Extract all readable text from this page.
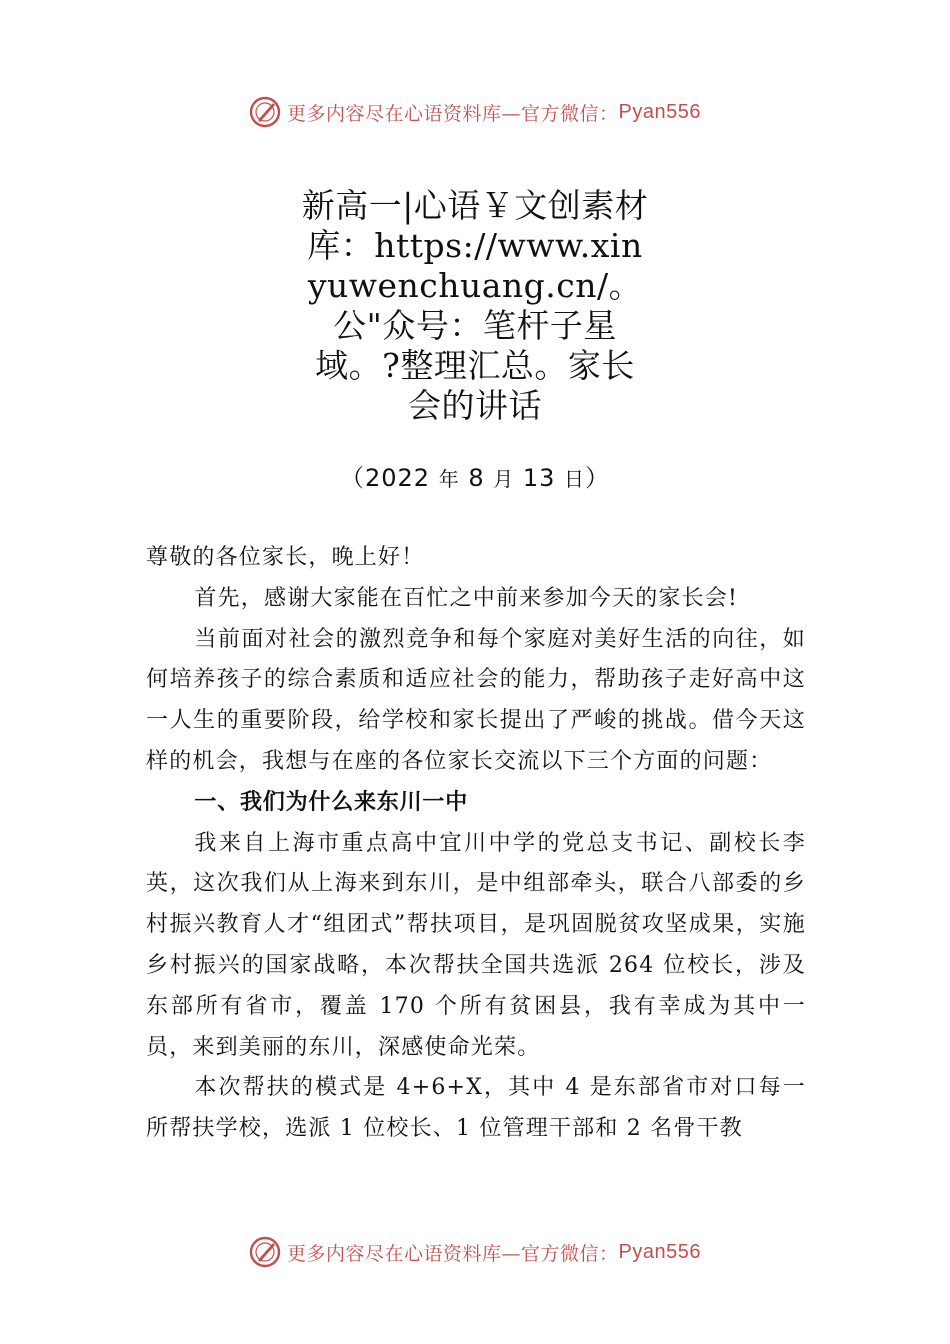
更多内容尽在心语资料库—官方微信： Pyan556
新高一|心语￥文创素材库：https://www.xinyuwenchuang.cn/。公"众号：笔杆子星域。?整理汇总。家长会的讲话
（2022 年 8 月 13 日）

尊敬的各位家长，晚上好！

首先，感谢大家能在百忙之中前来参加今天的家长会!

当前面对社会的激烈竞争和每个家庭对美好生活的向往，如何培养孩子的综合素质和适应社会的能力，帮助孩子走好高中这一人生的重要阶段，给学校和家长提出了严峻的挑战。借今天这样的机会，我想与在座的各位家长交流以下三个方面的问题：

一、我们为什么来东川一中

我来自上海市重点高中宜川中学的党总支书记、副校长李英，这次我们从上海来到东川，是中组部牵头，联合八部委的乡村振兴教育人才“组团式”帮扶项目，是巩固脱贫攻坚成果，实施乡村振兴的国家战略，本次帮扶全国共选派 264 位校长，涉及东部所有省市，覆盖 170 个所有贫困县，我有幸成为其中一员，来到美丽的东川，深感使命光荣。

本次帮扶的模式是 4+6+X，其中 4 是东部省市对口每一所帮扶学校，选派 1 位校长、1 位管理干部和 2 名骨干教

更多内容尽在心语资料库—官方微信： Pyan556
